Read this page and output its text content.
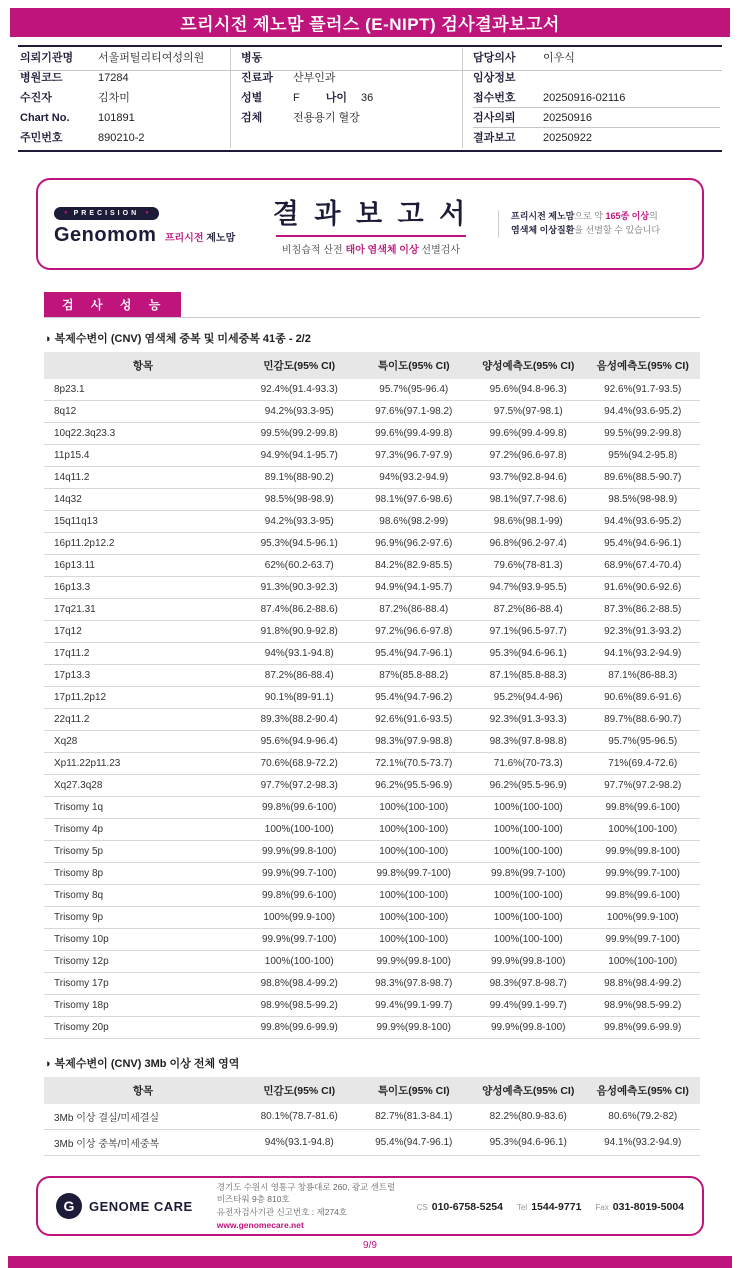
프리시전 제노맘 플러스 (E-NIPT) 검사결과보고서
의뢰기관명	서울퍼틸리티여성의원
병원코드	17284
수진자	김차미
Chart No.	101891
주민번호	890210-2
병동
진료과	산부인과
성별	F 나이 36
검체	전용용기 혈장
담당의사	이우식
임상정보
접수번호	20250916-02116
검사의뢰	20250916
결과보고	20250922
● PRECISION ●
Genomom 프리시전 제노맘
결 과 보 고 서
비침습적 산전 태아 염색체 이상 선별검사
프리시전 제노맘으로 약 165종 이상의
염색체 이상질환을 선별할 수 있습니다
검 사 성 능
◑ 복제수변이 (CNV) 염색체 중복 및 미세중복 41종 - 2/2
항목	민감도(95% CI)	특이도(95% CI)	양성예측도(95% CI)	음성예측도(95% CI)
8p23.1	92.4%(91.4-93.3)	95.7%(95-96.4)	95.6%(94.8-96.3)	92.6%(91.7-93.5)
8q12	94.2%(93.3-95)	97.6%(97.1-98.2)	97.5%(97-98.1)	94.4%(93.6-95.2)
10q22.3q23.3	99.5%(99.2-99.8)	99.6%(99.4-99.8)	99.6%(99.4-99.8)	99.5%(99.2-99.8)
11p15.4	94.9%(94.1-95.7)	97.3%(96.7-97.9)	97.2%(96.6-97.8)	95%(94.2-95.8)
14q11.2	89.1%(88-90.2)	94%(93.2-94.9)	93.7%(92.8-94.6)	89.6%(88.5-90.7)
14q32	98.5%(98-98.9)	98.1%(97.6-98.6)	98.1%(97.7-98.6)	98.5%(98-98.9)
15q11q13	94.2%(93.3-95)	98.6%(98.2-99)	98.6%(98.1-99)	94.4%(93.6-95.2)
16p11.2p12.2	95.3%(94.5-96.1)	96.9%(96.2-97.6)	96.8%(96.2-97.4)	95.4%(94.6-96.1)
16p13.11	62%(60.2-63.7)	84.2%(82.9-85.5)	79.6%(78-81.3)	68.9%(67.4-70.4)
16p13.3	91.3%(90.3-92.3)	94.9%(94.1-95.7)	94.7%(93.9-95.5)	91.6%(90.6-92.6)
17q21.31	87.4%(86.2-88.6)	87.2%(86-88.4)	87.2%(86-88.4)	87.3%(86.2-88.5)
17q12	91.8%(90.9-92.8)	97.2%(96.6-97.8)	97.1%(96.5-97.7)	92.3%(91.3-93.2)
17q11.2	94%(93.1-94.8)	95.4%(94.7-96.1)	95.3%(94.6-96.1)	94.1%(93.2-94.9)
17p13.3	87.2%(86-88.4)	87%(85.8-88.2)	87.1%(85.8-88.3)	87.1%(86-88.3)
17p11.2p12	90.1%(89-91.1)	95.4%(94.7-96.2)	95.2%(94.4-96)	90.6%(89.6-91.6)
22q11.2	89.3%(88.2-90.4)	92.6%(91.6-93.5)	92.3%(91.3-93.3)	89.7%(88.6-90.7)
Xq28	95.6%(94.9-96.4)	98.3%(97.9-98.8)	98.3%(97.8-98.8)	95.7%(95-96.5)
Xp11.22p11.23	70.6%(68.9-72.2)	72.1%(70.5-73.7)	71.6%(70-73.3)	71%(69.4-72.6)
Xq27.3q28	97.7%(97.2-98.3)	96.2%(95.5-96.9)	96.2%(95.5-96.9)	97.7%(97.2-98.2)
Trisomy 1q	99.8%(99.6-100)	100%(100-100)	100%(100-100)	99.8%(99.6-100)
Trisomy 4p	100%(100-100)	100%(100-100)	100%(100-100)	100%(100-100)
Trisomy 5p	99.9%(99.8-100)	100%(100-100)	100%(100-100)	99.9%(99.8-100)
Trisomy 8p	99.9%(99.7-100)	99.8%(99.7-100)	99.8%(99.7-100)	99.9%(99.7-100)
Trisomy 8q	99.8%(99.6-100)	100%(100-100)	100%(100-100)	99.8%(99.6-100)
Trisomy 9p	100%(99.9-100)	100%(100-100)	100%(100-100)	100%(99.9-100)
Trisomy 10p	99.9%(99.7-100)	100%(100-100)	100%(100-100)	99.9%(99.7-100)
Trisomy 12p	100%(100-100)	99.9%(99.8-100)	99.9%(99.8-100)	100%(100-100)
Trisomy 17p	98.8%(98.4-99.2)	98.3%(97.8-98.7)	98.3%(97.8-98.7)	98.8%(98.4-99.2)
Trisomy 18p	98.9%(98.5-99.2)	99.4%(99.1-99.7)	99.4%(99.1-99.7)	98.9%(98.5-99.2)
Trisomy 20p	99.8%(99.6-99.9)	99.9%(99.8-100)	99.9%(99.8-100)	99.8%(99.6-99.9)
◑ 복제수변이 (CNV) 3Mb 이상 전체 영역
항목	민감도(95% CI)	특이도(95% CI)	양성예측도(95% CI)	음성예측도(95% CI)
3Mb 이상 결실/미세결실	80.1%(78.7-81.6)	82.7%(81.3-84.1)	82.2%(80.9-83.6)	80.6%(79.2-82)
3Mb 이상 중복/미세중복	94%(93.1-94.8)	95.4%(94.7-96.1)	95.3%(94.6-96.1)	94.1%(93.2-94.9)
G	GENOME CARE
경기도 수원시 영통구 창룡대로 260, 광교 센트럴비즈타워 9층 810호
유전자검사기관 신고번호 : 제274호
www.genomecare.net
CS 010-6758-5254 Tel 1544-9771 Fax 031-8019-5004
9/9
